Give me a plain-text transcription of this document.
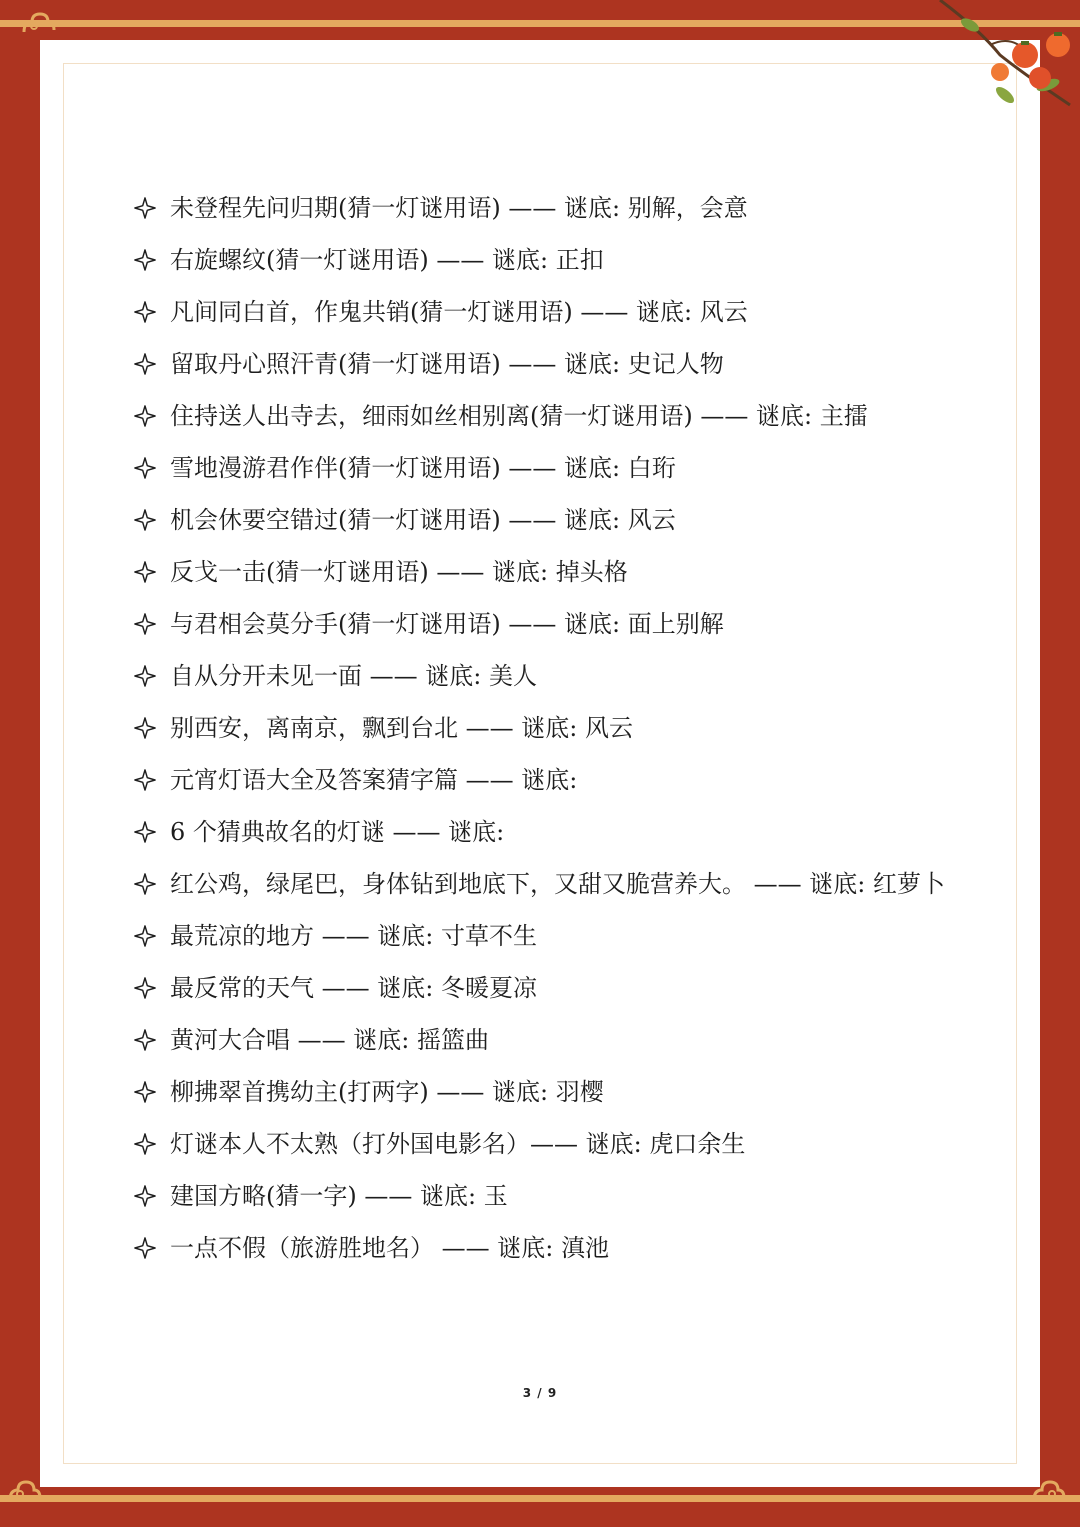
未登程先问归期(猜一灯谜用语) —— 谜底: 别解，会意
右旋螺纹(猜一灯谜用语) —— 谜底: 正扣
凡间同白首，作鬼共销(猜一灯谜用语) —— 谜底: 风云
留取丹心照汗青(猜一灯谜用语) —— 谜底: 史记人物
住持送人出寺去，细雨如丝相别离(猜一灯谜用语) —— 谜底: 主擂
雪地漫游君作伴(猜一灯谜用语) —— 谜底: 白珩
机会休要空错过(猜一灯谜用语) —— 谜底: 风云
反戈一击(猜一灯谜用语) —— 谜底: 掉头格
与君相会莫分手(猜一灯谜用语) —— 谜底: 面上别解
自从分开未见一面 —— 谜底: 美人
别西安，离南京，飘到台北 —— 谜底: 风云
元宵灯语大全及答案猜字篇 —— 谜底:
6 个猜典故名的灯谜 —— 谜底:
红公鸡，绿尾巴，身体钻到地底下，又甜又脆营养大。 —— 谜底: 红萝卜
最荒凉的地方 —— 谜底: 寸草不生
最反常的天气 —— 谜底: 冬暖夏凉
黄河大合唱 —— 谜底: 摇篮曲
柳拂翠首携幼主(打两字) —— 谜底: 羽樱
灯谜本人不太熟（打外国电影名）—— 谜底: 虎口余生
建国方略(猜一字) —— 谜底: 玉
一点不假（旅游胜地名） —— 谜底: 滇池
3 / 9
